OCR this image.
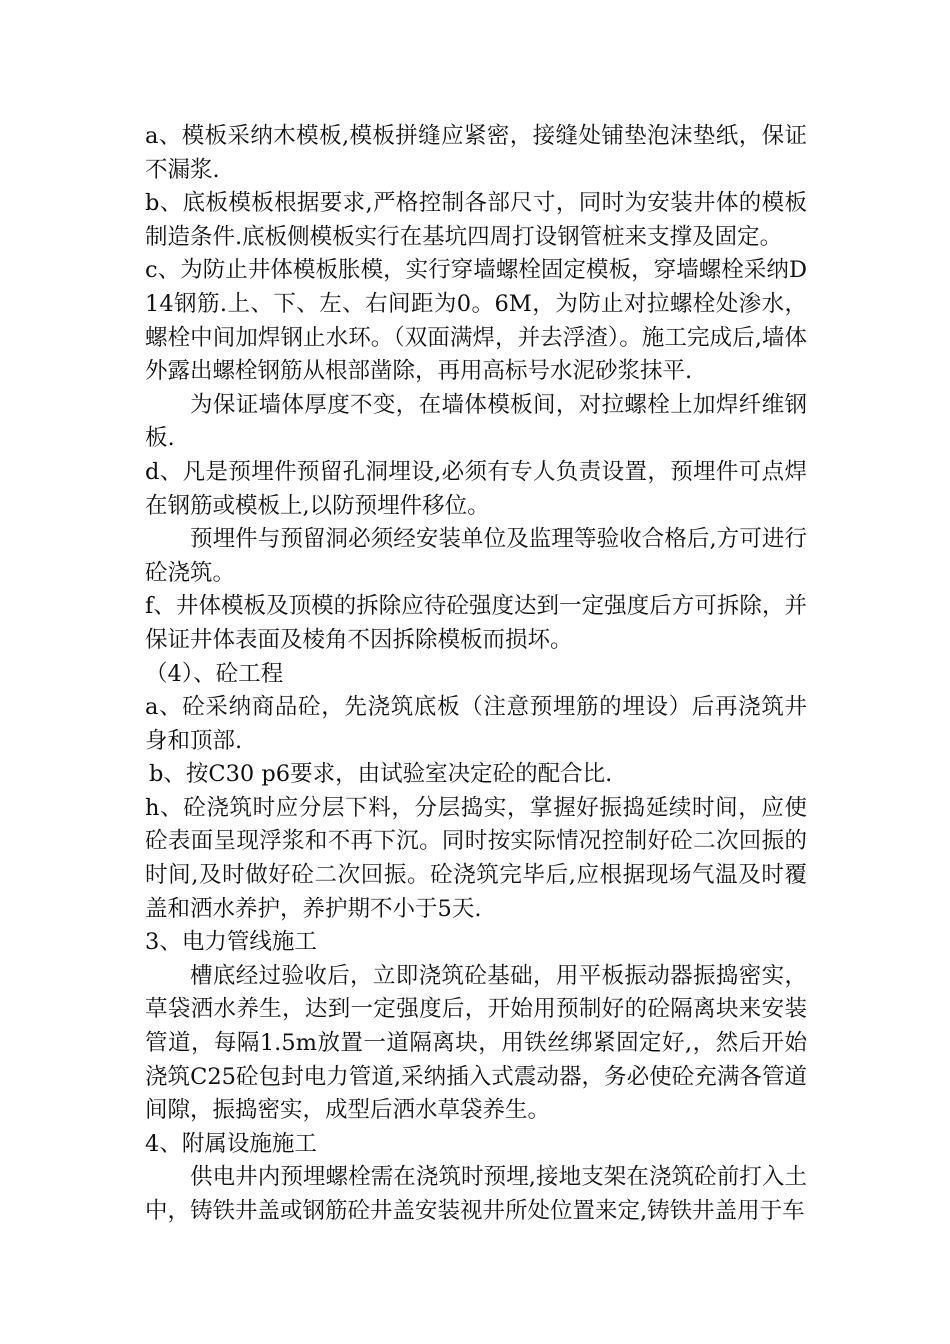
a、模板采纳木模板,模板拼缝应紧密，接缝处铺垫泡沫垫纸，保证不漏浆.

b、底板模板根据要求,严格控制各部尺寸，同时为安装井体的模板制造条件.底板侧模板实行在基坑四周打设钢管桩来支撑及固定。

c、为防止井体模板胀模，实行穿墙螺栓固定模板，穿墙螺栓采纳D14钢筋.上、下、左、右间距为0。6M，为防止对拉螺栓处渗水，螺栓中间加焊钢止水环。（双面满焊，并去浮渣）。施工完成后,墙体外露出螺栓钢筋从根部凿除，再用高标号水泥砂浆抹平.

为保证墙体厚度不变，在墙体模板间，对拉螺栓上加焊纤维钢板.

d、凡是预埋件预留孔洞埋设,必须有专人负责设置，预埋件可点焊在钢筋或模板上,以防预埋件移位。

预埋件与预留洞必须经安装单位及监理等验收合格后,方可进行砼浇筑。

f、井体模板及顶模的拆除应待砼强度达到一定强度后方可拆除，并保证井体表面及棱角不因拆除模板而损坏。

（4）、砼工程

a、砼采纳商品砼，先浇筑底板（注意预埋筋的埋设）后再浇筑井身和顶部.

b、按C30 p6要求，由试验室决定砼的配合比.

h、砼浇筑时应分层下料，分层捣实，掌握好振捣延续时间，应使砼表面呈现浮浆和不再下沉。同时按实际情况控制好砼二次回振的时间,及时做好砼二次回振。砼浇筑完毕后,应根据现场气温及时覆盖和洒水养护，养护期不小于5天.

3、电力管线施工

槽底经过验收后，立即浇筑砼基础，用平板振动器振捣密实，草袋洒水养生，达到一定强度后，开始用预制好的砼隔离块来安装管道，每隔1.5m放置一道隔离块，用铁丝绑紧固定好,，然后开始浇筑C25砼包封电力管道,采纳插入式震动器，务必使砼充满各管道间隙，振捣密实，成型后洒水草袋养生。

4、附属设施施工

供电井内预埋螺栓需在浇筑时预埋,接地支架在浇筑砼前打入土中，铸铁井盖或钢筋砼井盖安装视井所处位置来定,铸铁井盖用于车
